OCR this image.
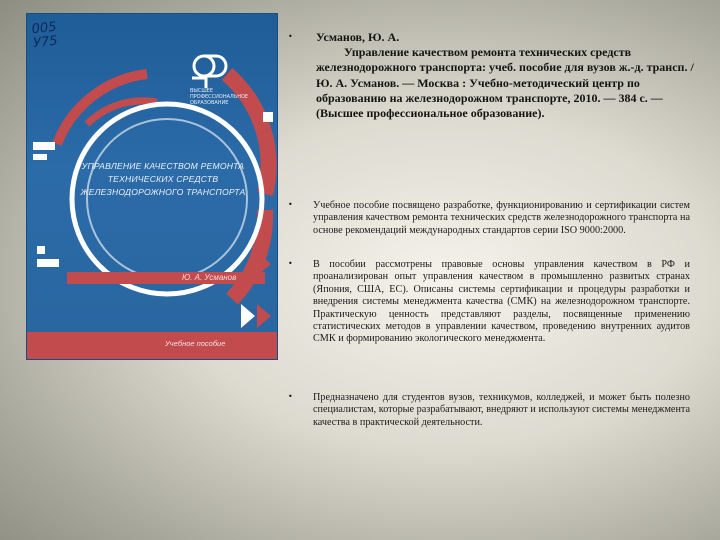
005
У75
ВЫСШЕЕ ПРОФЕССИОНАЛЬНОЕ ОБРАЗОВАНИЕ
УПРАВЛЕНИЕ КАЧЕСТВОМ РЕМОНТА ТЕХНИЧЕСКИХ СРЕДСТВ ЖЕЛЕЗНОДОРОЖНОГО ТРАНСПОРТА
Ю. А. Усманов
Учебное пособие
• Усманов, Ю. А.
Управление качеством ремонта технических средств железнодорожного транспорта: учеб. пособие для вузов ж.-д. трансп. / Ю. А. Усманов. — Москва : Учебно-методический центр по образованию на железнодорожном транспорте, 2010. — 384 с. — (Высшее профессиональное образование).
• Учебное пособие посвящено разработке, функционированию и сертификации систем управления качеством ремонта технических средств железнодорожного транспорта на основе рекомендаций международных стандартов серии ISO 9000:2000.
• В пособии рассмотрены правовые основы управления качеством в РФ и проанализирован опыт управления качеством в промышленно развитых странах (Япония, США, ЕС). Описаны системы сертификации и процедуры разработки и внедрения системы менеджмента качества (СМК) на железнодорожном транспорте. Практическую ценность представляют разделы, посвященные применению статистических методов в управлении качеством, проведению внутренних аудитов СМК и формированию экологического менеджмента.
• Предназначено для студентов вузов, техникумов, колледжей, и может быть полезно специалистам, которые разрабатывают, внедряют и используют системы менеджмента качества в практической деятельности.
